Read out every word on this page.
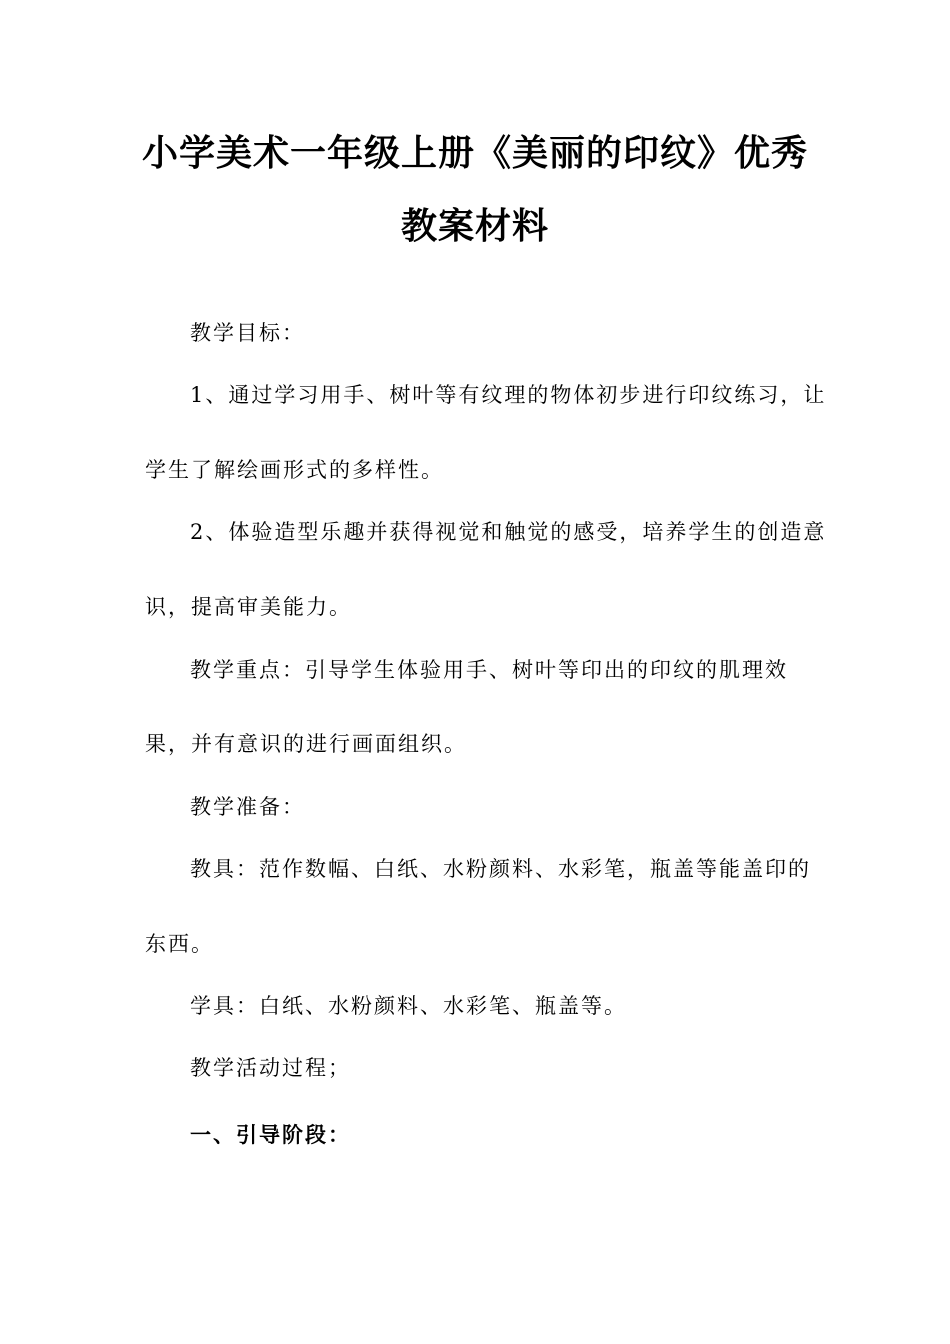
小学美术一年级上册《美丽的印纹》优秀
教案材料
教学目标：
1、通过学习用手、树叶等有纹理的物体初步进行印纹练习，让
学生了解绘画形式的多样性。
2、体验造型乐趣并获得视觉和触觉的感受，培养学生的创造意
识，提高审美能力。
教学重点：引导学生体验用手、树叶等印出的印纹的肌理效
果，并有意识的进行画面组织。
教学准备：
教具：范作数幅、白纸、水粉颜料、水彩笔，瓶盖等能盖印的
东西。
学具：白纸、水粉颜料、水彩笔、瓶盖等。
教学活动过程；
一、引导阶段：
